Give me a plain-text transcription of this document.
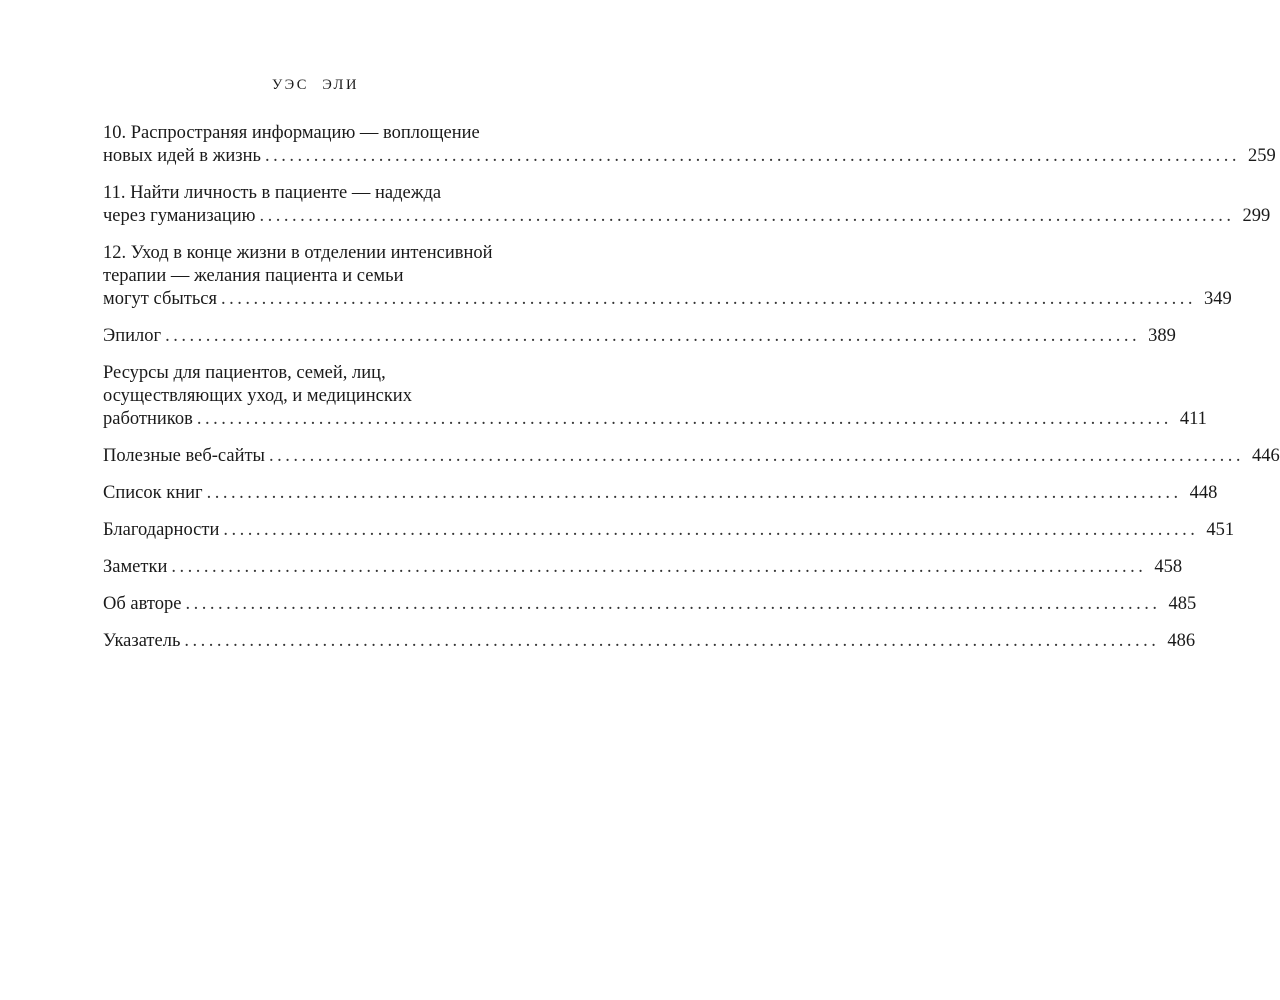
УЭС ЭЛИ
10. Распространяя информацию — воплощение
новых идей в жизнь ........................................................................................................................ 259
11. Найти личность в пациенте — надежда
через гуманизацию ........................................................................................................................ 299
12. Уход в конце жизни в отделении интенсивной
терапии — желания пациента и семьи
могут сбыться ........................................................................................................................ 349
Эпилог ........................................................................................................................ 389
Ресурсы для пациентов, семей, лиц,
осуществляющих уход, и медицинских
работников ........................................................................................................................ 411
Полезные веб-сайты ........................................................................................................................ 446
Список книг ........................................................................................................................ 448
Благодарности ........................................................................................................................ 451
Заметки ........................................................................................................................ 458
Об авторе ........................................................................................................................ 485
Указатель ........................................................................................................................ 486
